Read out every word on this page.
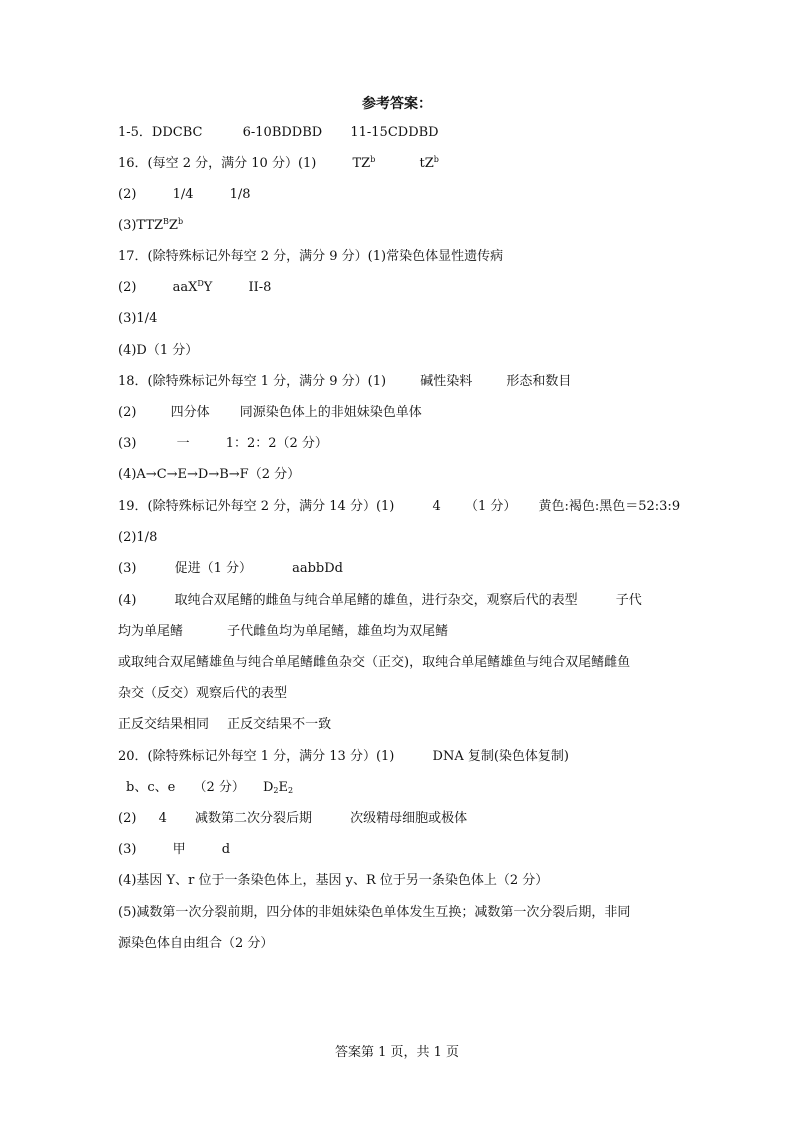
参考答案：
1-5．DDCBC	6-10BDDBD 11-15CDDBD
16．(每空 2 分，满分 10 分）(1)	$TZ^b$	$tZ^b$
(2)	1/4	1/8
$(3)TTZ^BZ^b$
17．(除特殊标记外每空 2 分，满分 9 分）(1)常染色体显性遗传病
(2)	aaX$^D$Y	II-8
(3)1/4
(4)D（1 分）
18．(除特殊标记外每空 1 分，满分 9 分）(1)	碱性染料	形态和数目
(2)	四分体 同源染色体上的非姐妹染色单体
(3)	一	1：2：2（2 分）
(4)A→C→E→D→B→F（2 分）
19．(除特殊标记外每空 2 分，满分 14 分）(1)	4 （1 分） 黄色:褐色:黑色＝52:3:9
(2)1/8
(3)	促进（1 分）	aabbDd
(4)	取纯合双尾鳍的雌鱼与纯合单尾鳍的雄鱼，进行杂交，观察后代的表型	子代
均为单尾鳍	子代雌鱼均为单尾鳍，雄鱼均为双尾鳍
或取纯合双尾鳍雄鱼与纯合单尾鳍雌鱼杂交（正交)，取纯合单尾鳍雄鱼与纯合双尾鳍雌鱼
杂交（反交）观察后代的表型
正反交结果相同 正反交结果不一致
20．(除特殊标记外每空 1 分，满分 13 分）(1)	DNA 复制(染色体复制)
b、c、e （2 分） $D_2E_2$
(2) 4 减数第二次分裂后期	次级精母细胞或极体
(3)	甲	d
(4)基因 Y、r 位于一条染色体上，基因 y、R 位于另一条染色体上（2 分）
(5)减数第一次分裂前期，四分体的非姐妹染色单体发生互换；减数第一次分裂后期，非同
源染色体自由组合（2 分）
答案第 1 页，共 1 页
